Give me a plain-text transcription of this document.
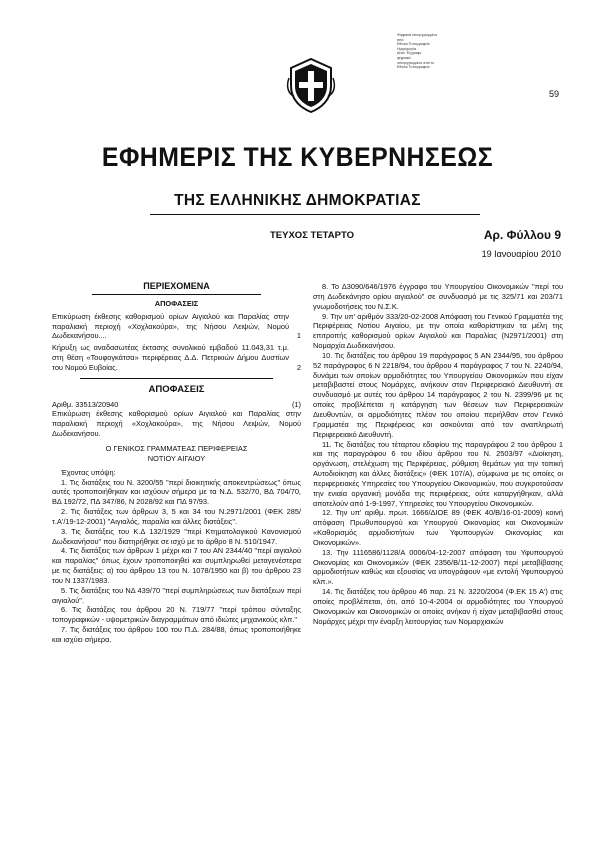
Ψηφιακά υπογεγραμμένο
από
Εθνικό Τυπογραφείο
Ημερομηνία
Αιτία: Έγγραφο
ψηφιακά
υπογεγραμμένο από το
Εθνικό Τυπογραφείο
59
ΕΦΗΜΕΡΙΣ ΤΗΣ ΚΥΒΕΡΝΗΣΕΩΣ
ΤΗΣ ΕΛΛΗΝΙΚΗΣ ΔΗΜΟΚΡΑΤΙΑΣ
ΤΕΥΧΟΣ ΤΕΤΑΡΤΟ	Αρ. Φύλλου 9
19 Ιανουαρίου 2010
ΠΕΡΙΕΧΟΜΕΝΑ
ΑΠΟΦΑΣΕΙΣ
Επικύρωση έκθεσης καθορισμού ορίων Αιγιαλού και Παραλίας στην παραλιακή περιοχή «Χοχλακούρα», της Νήσου Λειψών, Νομού Δωδεκανήσου....	1
Κήρυξη ως αναδασωτέας έκτασης συνολικού εμβαδού 11.043,31 τ.μ. στη θέση «Τουφογκάτσα» περιφέρειας Δ.Δ. Πετρικιών Δήμου Δυστίων του Νομού Ευβοίας.	2
ΑΠΟΦΑΣΕΙΣ
Αριθμ. 33513/20940	(1)

Επικύρωση έκθεσης καθορισμού ορίων Αιγιαλού και Παραλίας στην παραλιακή περιοχή «Χοχλακούρα», της Νήσου Λειψών, Νομού Δωδεκανήσου.

Ο ΓΕΝΙΚΟΣ ΓΡΑΜΜΑΤΕΑΣ ΠΕΡΙΦΕΡΕΙΑΣ

ΝΟΤΙΟΥ ΑΙΓΑΙΟΥ

Έχοντας υπόψη:

1. Τις διατάξεις του Ν. 3200/55 "περί διοικητικής αποκεντρώσεως" όπως αυτές τροποποιήθηκαν και ισχύουν σήμερα με τα Ν.Δ. 532/70, ΒΔ 704/70, ΒΔ 192/72, ΠΔ 347/86, Ν 2028/92 και ΠΔ 97/93.

2. Τις διατάξεις των άρθρων 3, 5 και 34 του Ν.2971/2001 (ΦΕΚ 285/τ.Α'/19-12-2001) "Αιγιαλός, παραλία και άλλες διατάξεις".

3. Τις διατάξεις του Κ.Δ 132/1929 "περί Κτηματολογικού Κανονισμού Δωδεκανήσου" που διατηρήθηκε σε ισχύ με το άρθρο 8 Ν. 510/1947.

4. Τις διατάξεις των άρθρων 1 μέχρι και 7 του ΑΝ 2344/40 "περί αιγιαλού και παραλίας" όπως έχουν τροποποιηθεί και συμπληρωθεί μεταγενέστερα με τις διατάξεις: α) του άρθρου 13 του Ν. 1078/1950 και β) του άρθρου 23 του Ν 1337/1983.

5. Τις διατάξεις του ΝΔ 439/70 "περί συμπληρώσεως των διατάξεων περί αιγιαλού".

6. Τις διατάξεις του άρθρου 20 Ν. 719/77 "περί τρόπου σύνταξης τοπογραφικών - υψομετρικών διαγραμμάτων από ιδιώτες μηχανικούς κλπ."

7. Τις διατάξεις του άρθρου 100 του Π.Δ. 284/88, όπως τροποποιήθηκε και ισχύει σήμερα.

8. Το Δ3090/646/1976 έγγραφο του Υπουργείου Οικονομικών "περί του στη Δωδεκάνησο ορίου αιγιαλού" σε συνδυασμό με τις 325/71 και 203/71 γνωμοδοτήσεις του Ν.Σ.Κ.

9. Την υπ' αριθμόν 333/20-02-2008 Απόφαση του Γενικού Γραμματέα της Περιφέρειας Νοτίου Αιγαίου, με την οποία καθορίστηκαν τα μέλη της επιτροπής καθορισμού ορίων Αιγιαλού και Παραλίας (Ν2971/2001) στη Νομαρχία Δωδεκανήσου.

10. Τις διατάξεις του άρθρου 19 παράγραφος 5 ΑΝ 2344/95, του άρθρου 52 παράγραφος 6 Ν 2218/94, του άρθρου 4 παράγραφος 7 του Ν. 2240/94, δυνάμει των οποίων αρμοδιότητες του Υπουργείου Οικονομικών που είχαν μεταβιβαστεί στους Νομάρχες, ανήκουν στον Περιφερειακό Διευθυντή σε συνδυασμό με αυτές του άρθρου 14 παράγραφος 2 του Ν. 2399/96 με τις οποίες προβλέπεται η κατάργηση των θέσεων των Περιφερειακών Διευθυντών, οι αρμοδιότητες πλέον του οποίου περιήλθαν στον Γενικό Γραμματέα της Περιφέρειας και ασκούνται από τον αναπληρωτή Περιφερειακό Διευθυντή.

11. Τις διατάξεις του τέταρτου εδαφίου της παραγράφου 2 του άρθρου 1 και της παραγράφου 6 του ιδίου άρθρου του Ν. 2503/97 «Διοίκηση, οργάνωση, στελέχωση της Περιφέρειας, ρύθμιση θεμάτων για την τοπική Αυτοδιοίκηση και άλλες διατάξεις» (ΦΕΚ 107/Α), σύμφωνα με τις οποίες οι περιφερειακές Υπηρεσίες του Υπουργείου Οικονομικών, που συγκροτούσαν την ενιαία οργανική μονάδα της περιφέρειας, ούτε καταργήθηκαν, αλλά αποτελούν από 1-9-1997, Υπηρεσίες του Υπουργείου Οικονομικών.

12. Την υπ' αριθμ. πρωτ. 1666/ΔΙΟΕ 89 (ΦΕΚ 40/Β/16-01-2009) κοινή απόφαση Πρωθυπουργού και Υπουργού Οικονομίας και Οικονομικών «Καθορισμός αρμοδιοτήτων των Υφυπουργών Οικονομίας και Οικονομικών».

13. Την 1116586/1128/Α 0006/04-12-2007 απόφαση του Υφυπουργού Οικονομίας και Οικονομικών (ΦΕΚ 2356/Β/11-12-2007) περί μεταβίβασης αρμοδιοτήτων καθώς και εξουσίας να υπογράφουν «με εντολή Υφυπουργού κλπ.».

14. Τις διατάξεις του άρθρου 46 παρ. 21 Ν. 3220/2004 (Φ.ΕΚ 15 Α') στις οποίες προβλέπεται, ότι, από 10-4-2004 οι αρμοδιότητες του Υπουργού Οικονομικών και Οικονομικών οι οποίες ανήκαν ή είχαν μεταβιβασθεί στους Νομάρχες μέχρι την έναρξη λειτουργίας των Νομαρχιακών
